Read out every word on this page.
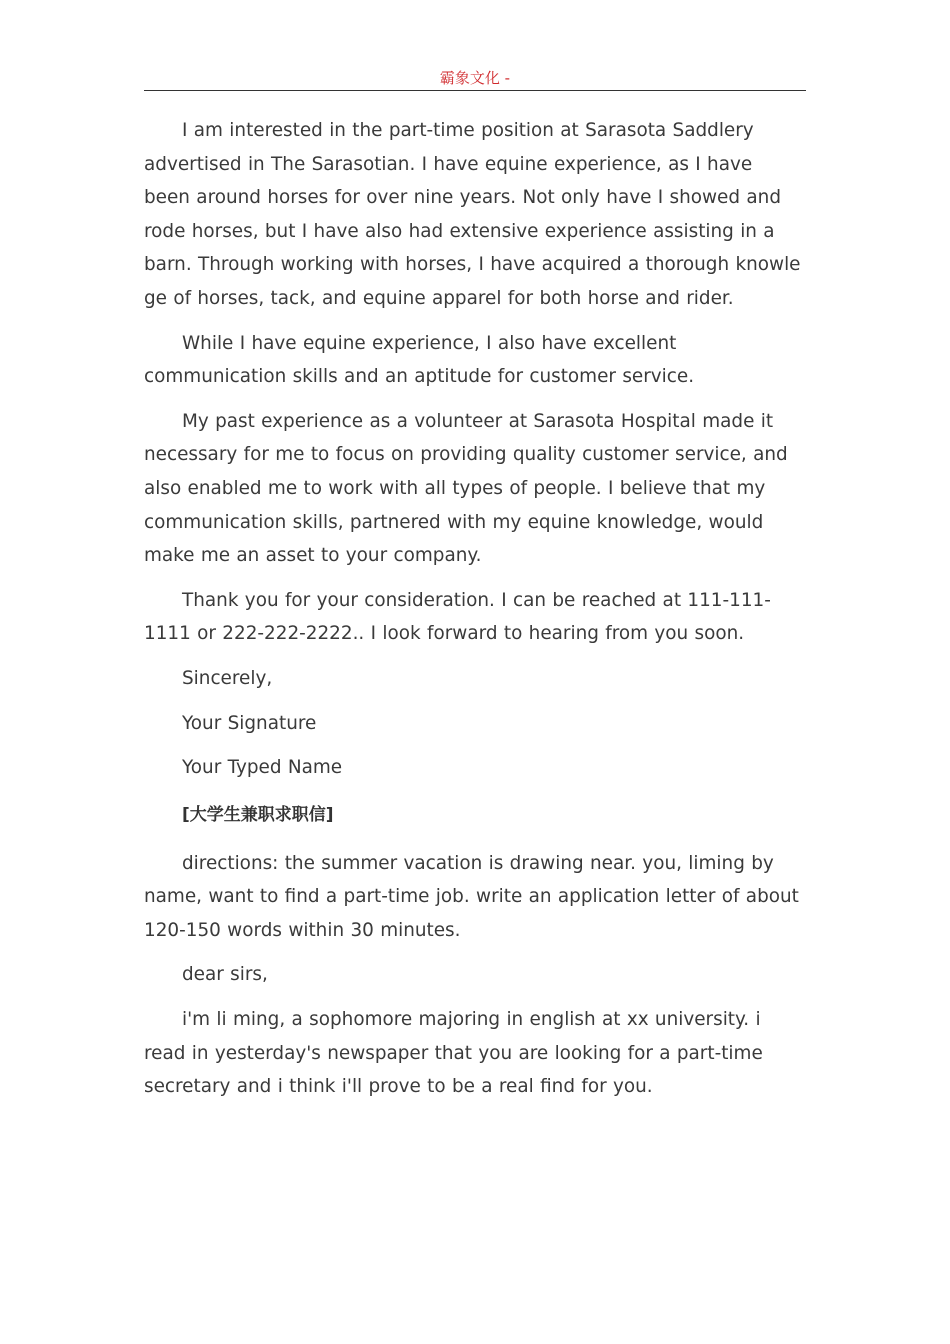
霸象文化 -

I am interested in the part-time position at Sarasota Saddlery advertised in The Sarasotian. I have equine experience, as I have been around horses for over nine years. Not only have I showed and rode horses, but I have also had extensive experience assisting in a barn. Through working with horses, I have acquired a thorough knowle ge of horses, tack, and equine apparel for both horse and rider.

While I have equine experience, I also have excellent communication skills and an aptitude for customer service.

My past experience as a volunteer at Sarasota Hospital made it necessary for me to focus on providing quality customer service, and also enabled me to work with all types of people. I believe that my communication skills, partnered with my equine knowledge, would make me an asset to your company.

Thank you for your consideration. I can be reached at 111-111-1111 or 222-222-2222.. I look forward to hearing from you soon.

Sincerely,

Your Signature

Your Typed Name

[大学生兼职求职信]

directions: the summer vacation is drawing near. you, liming by name, want to find a part-time job. write an application letter of about 120-150 words within 30 minutes.

dear sirs,

i'm li ming, a sophomore majoring in english at xx university. i read in yesterday's newspaper that you are looking for a part-time secretary and i think i'll prove to be a real find for you.
